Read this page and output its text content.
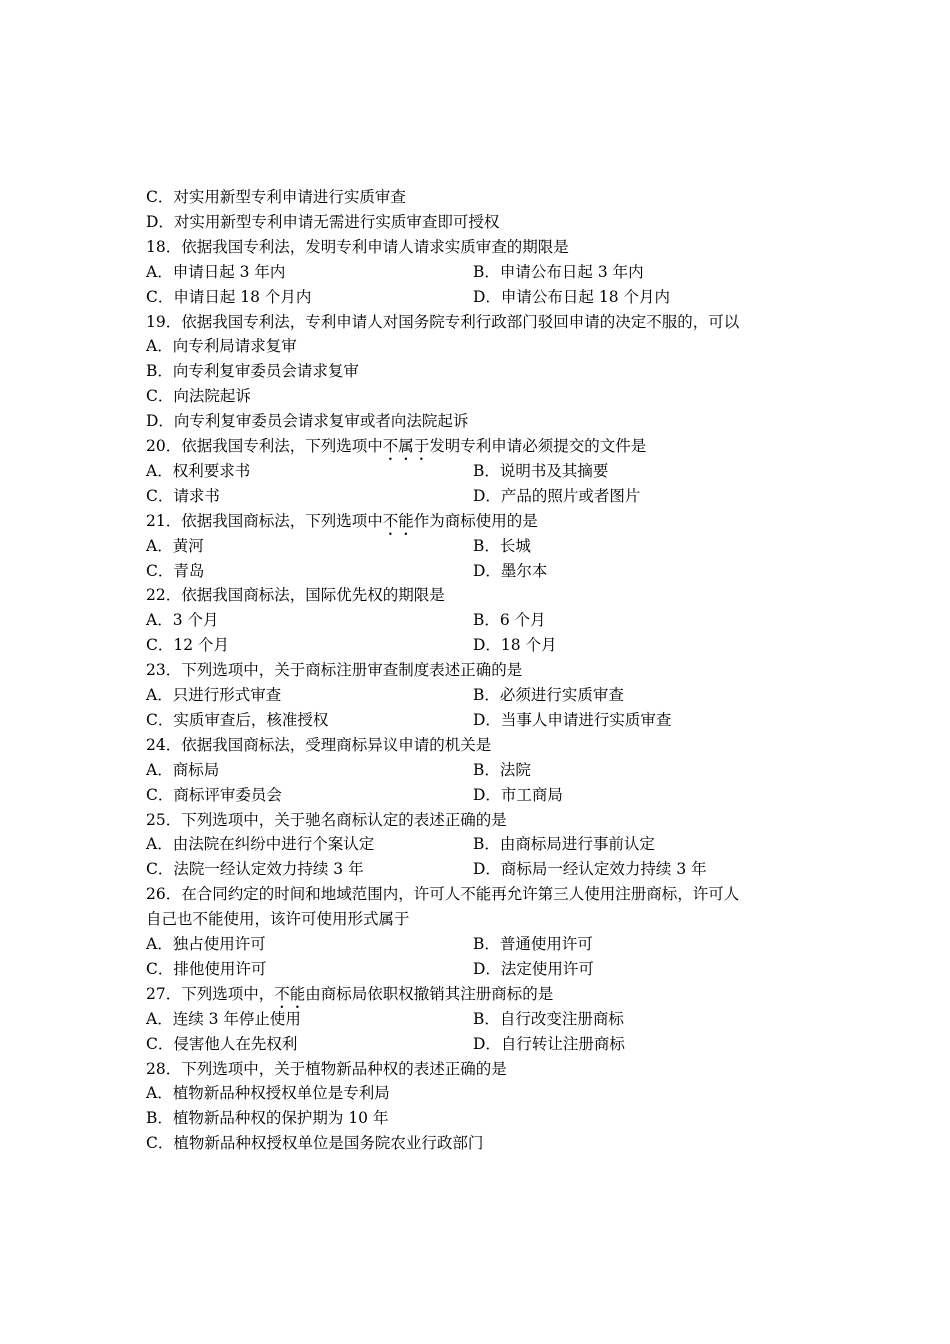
C．对实用新型专利申请进行实质审查
D．对实用新型专利申请无需进行实质审查即可授权
18．依据我国专利法，发明专利申请人请求实质审查的期限是
A．申请日起 3 年内	B．申请公布日起 3 年内
C．申请日起 18 个月内	D．申请公布日起 18 个月内
19．依据我国专利法，专利申请人对国务院专利行政部门驳回申请的决定不服的，可以
A．向专利局请求复审
B．向专利复审委员会请求复审
C．向法院起诉
D．向专利复审委员会请求复审或者向法院起诉
20．依据我国专利法，下列选项中不属于发明专利申请必须提交的文件是
A．权利要求书	B．说明书及其摘要
C．请求书	D．产品的照片或者图片
21．依据我国商标法，下列选项中不能作为商标使用的是
A．黄河	B．长城
C．青岛	D．墨尔本
22．依据我国商标法，国际优先权的期限是
A．3 个月	B．6 个月
C．12 个月	D．18 个月
23．下列选项中，关于商标注册审查制度表述正确的是
A．只进行形式审查	B．必须进行实质审查
C．实质审查后，核准授权	D．当事人申请进行实质审查
24．依据我国商标法，受理商标异议申请的机关是
A．商标局	B．法院
C．商标评审委员会	D．市工商局
25．下列选项中，关于驰名商标认定的表述正确的是
A．由法院在纠纷中进行个案认定	B．由商标局进行事前认定
C．法院一经认定效力持续 3 年	D．商标局一经认定效力持续 3 年
26．在合同约定的时间和地域范围内，许可人不能再允许第三人使用注册商标，许可人
自己也不能使用，该许可使用形式属于
A．独占使用许可	B．普通使用许可
C．排他使用许可	D．法定使用许可
27．下列选项中，不能由商标局依职权撤销其注册商标的是
A．连续 3 年停止使用	B．自行改变注册商标
C．侵害他人在先权利	D．自行转让注册商标
28．下列选项中，关于植物新品种权的表述正确的是
A．植物新品种权授权单位是专利局
B．植物新品种权的保护期为 10 年
C．植物新品种权授权单位是国务院农业行政部门
